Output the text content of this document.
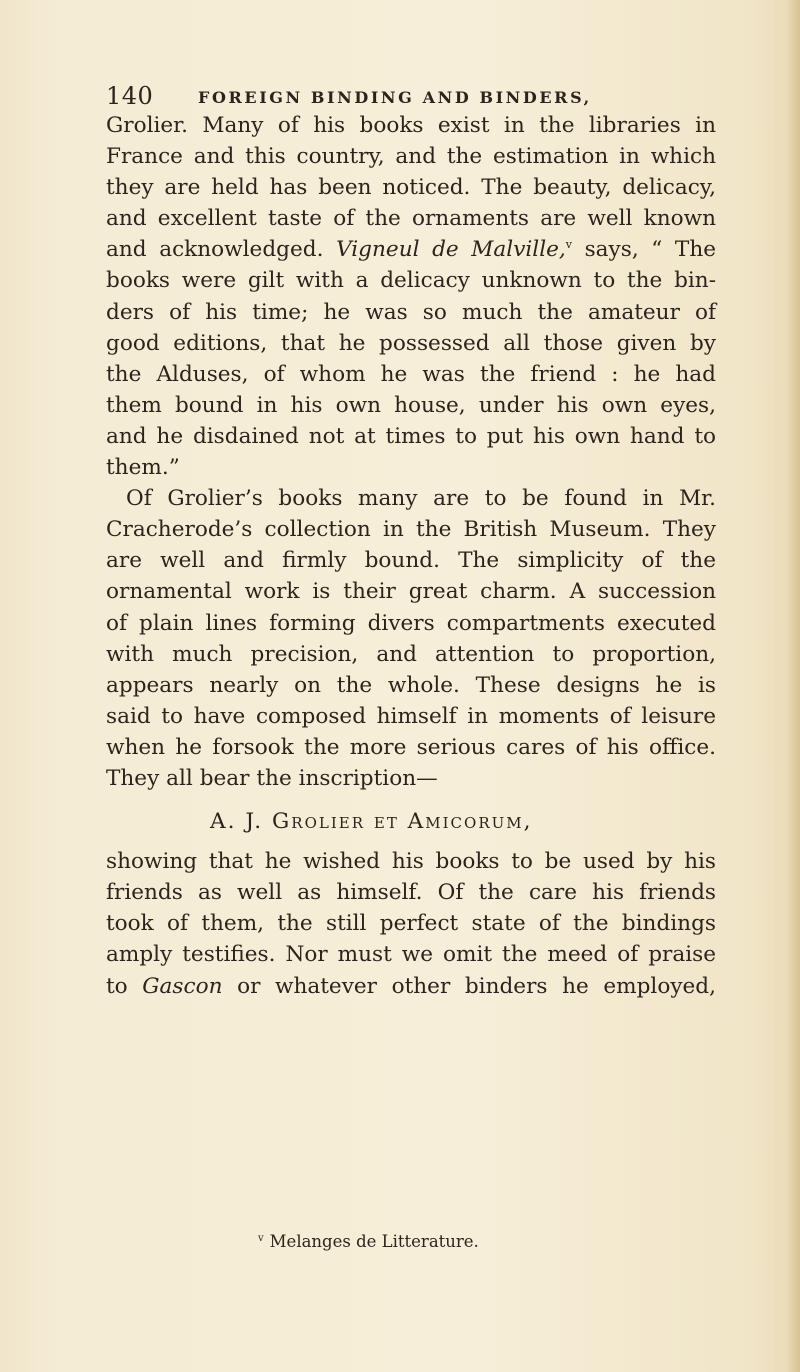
140	FOREIGN BINDING AND BINDERS,
Grolier. Many of his books exist in the libraries in
France and this country, and the estimation in which
they are held has been noticed. The beauty, delicacy,
and excellent taste of the ornaments are well known
and acknowledged. Vigneul de Malville,$^v$ says, “ The
books were gilt with a delicacy unknown to the bin-
ders of his time; he was so much the amateur of
good editions, that he possessed all those given by
the Alduses, of whom he was the friend : he had
them bound in his own house, under his own eyes,
and he disdained not at times to put his own hand to
them.”
Of Grolier’s books many are to be found in Mr.
Cracherode’s collection in the British Museum. They
are well and firmly bound. The simplicity of the
ornamental work is their great charm. A succession
of plain lines forming divers compartments executed
with much precision, and attention to proportion,
appears nearly on the whole. These designs he is
said to have composed himself in moments of leisure
when he forsook the more serious cares of his office.
They all bear the inscription—
A. J. Grolier et Amicorum,
showing that he wished his books to be used by his
friends as well as himself. Of the care his friends
took of them, the still perfect state of the bindings
amply testifies. Nor must we omit the meed of praise
to Gascon or whatever other binders he employed,
$^v$ Melanges de Litterature.
